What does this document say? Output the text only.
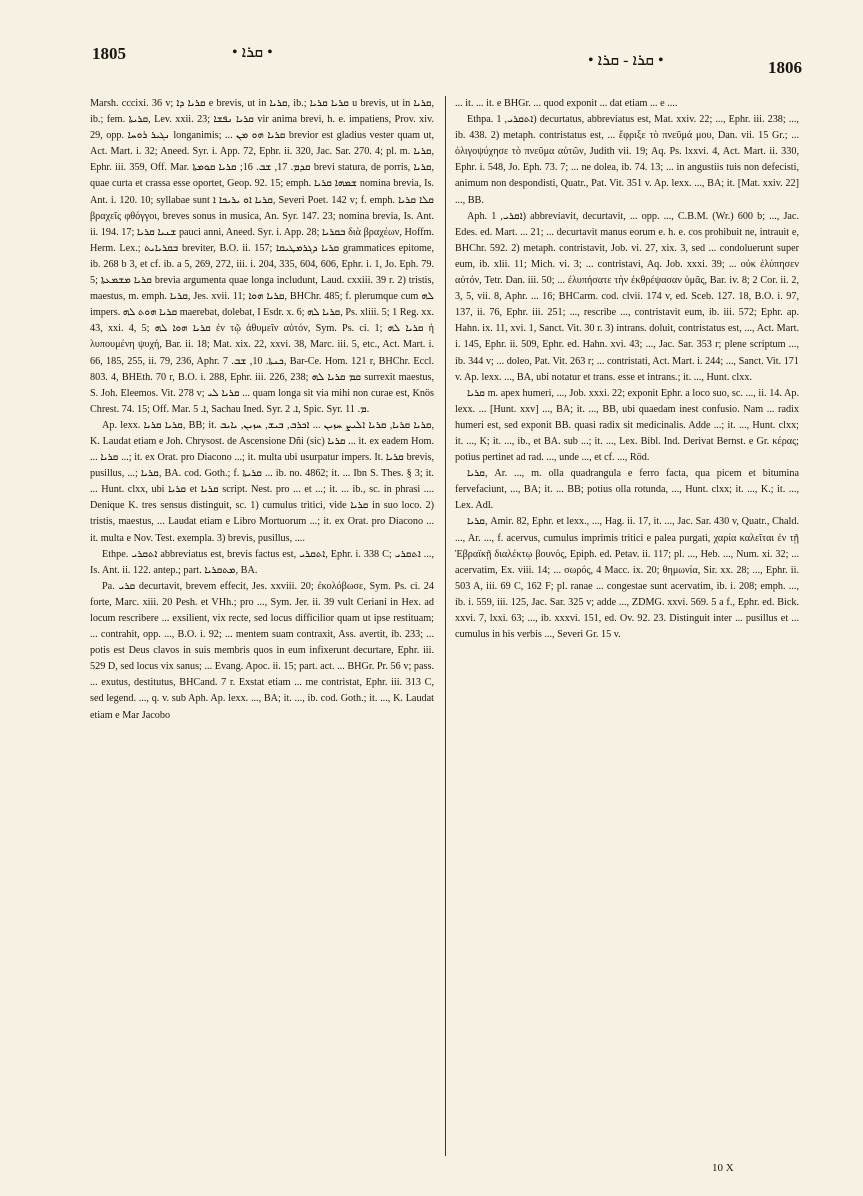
1805	• ܩܪܐ •	• ܩܪܐ - ܩܪܐ •	1806

Marsh. cccixi. 36 v; ܩܪܝܐ ܕܐ e brevis, ut in ܩܪܝܐ, ib.; ܩܪܝܐ ܩܪܝܐ u brevis, ut in ܩܪܝܐ, ib.; fem. ܩܪܝܬܐ, Lev. xxii. 23; ܩܪܝܐ ܢܦܫܐ vir anima brevi, h. e. impatiens, Prov. xiv. 29, opp. ܢܓܝܪ ܪܘܚܐ longanimis; ... ܩܪܝܐ ܗܘ ܡܢ brevior est gladius vester quam ut, Act. Mart. i. 32; Aneed. Syr. i. App. 72, Ephr. ii. 320, Jac. Sar. 270. 4; pl. m. ܩܪܝܐ, Ephr. iii. 359, Off. Mar. ܩܕܡ. 17, ܫܒ. 16; ܩܪܝܐ ܩܘܡܬܐ brevi statura, de porris, ܩܪܝܐ, quae curta et crassa esse oportet, Geop. 92. 15; emph. ܫܡܗܐ ܩܪܝܐ nomina brevia, Is. Ant. i. 120. 10; syllabae sunt ܩܪܝܐ ܐܘ ܝܪܝܟܐ ܐ, Severi Poet. 142 v; f. emph. ܩܠܐ ܩܪܝܐ βραχεῖς φθόγγοι, breves sonus in musica, An. Syr. 147. 23; nomina brevia, Is. Ant. ii. 194. 17; ܫܢܝܐ ܩܪܝܐ pauci anni, Aneed. Syr. i. App. 28; ܒܩܪܝܐ διὰ βραχέων, Hoffm. Herm. Lex.; ܒܩܪܝܐܝܬ breviter, B.O. ii. 157; ܩܪܝܐ ܕܓܪܡܛܝܩܐ grammatices epitome, ib. 268 b 3, et cf. ib. a 5, 269, 272, iii. i. 204, 335, 604, 606, Ephr. i. 1, Jo. Eph. 79. 5; ܩܪܝܐ ܡܫܡܥܬܐ brevia argumenta quae longa includunt, Laud. cxxiii. 39 r. 2) tristis, maestus, m. emph. ܩܪܝܐ, Jes. xvii. 11; ܩܪܝܐ ܗܘܐ, BHChr. 485; f. plerumque cum ܠܗ impers. ܩܪܝܐ ܗܘܬ ܠܗ maerebat, dolebat, I Esdr. x. 6; ܩܪܝܐ ܠܗ, Ps. xliii. 5; 1 Reg. xx. 43, xxi. 4, 5; ܩܪܝܐ ܗܘܐ ܠܗ ἐν τῷ ἀθυμεῖν αὐτόν, Sym. Ps. ci. 1; ܩܪܝܐ ܠܗ ἡ λυπουμένη ψυχή, Bar. ii. 18; Mat. xix. 22, xxvi. 38, Marc. iii. 5, etc., Act. Mart. i. 66, 185, 255, ii. 79, 236, Aphr. ܟܢܬܐ. 10, ܫܒ. 7, Bar-Ce. Hom. 121 r, BHChr. Eccl. 803. 4, BHEth. 70 r, B.O. i. 288, Ephr. iii. 226, 238; ܩܡ ܩܪܝܐ ܠܗ surrexit maestus, S. Joh. Eleemos. Vit. 278 v; ܩܪܝܐ ܠܝ ... quam longa sit via mihi non curae est, Knös Chrest. 74. 15; Off. Mar. ܐ. 5, Sachau Ined. Syr. ܐ. 2, Spic. Syr. ܡ. 11.

Ap. lexx. ܩܪܝܐ ܩܪܝܐ, BB; it. ܩܪܝܐ ܩܪܝܐ, ܩܪܝܐ ܐܠܝܨ ܚܙܝܢ ... ܐܟܪܒ, ܒܝܫ, ܚܙܝܢ, ܝܐܝܒ, K. Laudat etiam e Joh. Chrysost. de Ascensione Dñi (sic) ܩܪܝܐ ... it. ex eadem Hom. ... ܩܪܝܐ ...; it. ex Orat. pro Diacono ...; it. multa ubi usurpatur impers. It. ܩܪܝܐ brevis, pusillus, ...; ܩܪܝܐ, BA. cod. Goth.; f. ܩܪܝܬܐ ... ib. no. 4862; it. ... Ibn S. Thes. § 3; it. ... Hunt. clxx, ubi ܩܪܝܐ et ܩܪܝܐ script. Nest. pro ... et ...; it. ... ib., sc. in phrasi .... Denique K. tres sensus distinguit, sc. 1) cumulus tritici, vide ܩܪܝܐ in suo loco. 2) tristis, maestus, ... Laudat etiam e Libro Mortuorum ...; it. ex Orat. pro Diacono ... it. multa e Nov. Test. exempla. 3) brevis, pusillus, ....

Ethpe. ܐܬܩܪܝ abbreviatus est, brevis factus est, ܐܬܩܪܝ, Ephr. i. 338 C; ܐܬܩܪܝ ..., Is. Ant. ii. 122. antep.; part. ܡܬܩܪܝܐ, BA.

Pa. ܩܪܝ decurtavit, brevem effecit, Jes. xxviii. 20; ἐκολόβωσε, Sym. Ps. ci. 24 forte, Marc. xiii. 20 Pesh. et VHh.; pro ..., Sym. Jer. ii. 39 vult Ceriani in Hex. ad locum rescribere ... exsilient, vix recte, sed locus difficilior quam ut ipse restituam; ... contrahit, opp. ..., B.O. i. 92; ... mentem suam contraxit, Ass. avertit, ib. 233; ... potis est Deus clavos in suis membris quos in eum infixerunt decurtare, Ephr. iii. 529 D, sed locus vix sanus; ... Evang. Apoc. ii. 15; part. act. ... BHGr. Pr. 56 v; pass. ... exutus, destitutus, BHCand. 7 r. Exstat etiam ... me contristat, Ephr. iii. 313 C, sed legend. ..., q. v. sub Aph. Ap. lexx. ..., BA; it. ..., ib. cod. Goth.; it. ..., K. Laudat etiam e Mar Jacobo

... it. ... it. e BHGr. ... quod exponit ... dat etiam ... e ....

Ethpa. ܐܬܩܪܝ, 1) decurtatus, abbreviatus est, Mat. xxiv. 22; ..., Ephr. iii. 238; ..., ib. 438. 2) metaph. contristatus est, ... ἔφριξε τὸ πνεῦμά μου, Dan. vii. 15 Gr.; ... ὀλιγοψύχησε τὸ πνεῦμα αὐτῶν, Judith vii. 19; Aq. Ps. lxxvi. 4, Act. Mart. ii. 330, Ephr. i. 548, Jo. Eph. 73. 7; ... ne dolea, ib. 74. 13; ... in angustiis tuis non defecisti, animum non despondisti, Quatr., Pat. Vit. 351 v. Ap. lexx. ..., BA; it. [Mat. xxiv. 22] ..., BB.

Aph. ܐܩܪܝ, 1) abbreviavit, decurtavit, ... opp. ..., C.B.M. (Wr.) 600 b; ..., Jac. Edes. ed. Mart. ... 21; ... decurtavit manus eorum e. h. e. cos prohibuit ne, intrauit e, BHChr. 592. 2) metaph. contristavit, Job. vi. 27, xix. 3, sed ... condoluerunt super eum, ib. xlii. 11; Mich. vi. 3; ... contristavi, Aq. Job. xxxi. 39; ... οὐκ ἐλύπησεν αὐτόν, Tetr. Dan. iii. 50; ... ἐλυπήσατε τὴν ἐκθρέψασαν ὑμᾶς, Bar. iv. 8; 2 Cor. ii. 2, 3, 5, vii. 8, Aphr. ... 16; BHCarm. cod. clvii. 174 v, ed. Sceb. 127. 18, B.O. i. 97, 137, ii. 76, Ephr. iii. 251; ..., rescribe ..., contristavit eum, ib. iii. 572; Ephr. ap. Hahn. ix. 11, xvi. 1, Sanct. Vit. 30 r. 3) intrans. doluit, contristatus est, ..., Act. Mart. i. 145, Ephr. ii. 509, Ephr. ed. Hahn. xvi. 43; ..., Jac. Sar. 353 r; plene scriptum ..., ib. 344 v; ... doleo, Pat. Vit. 263 r; ... contristati, Act. Mart. i. 244; ..., Sanct. Vit. 171 v. Ap. lexx. ..., BA, ubi notatur et trans. esse et intrans.; it. ..., Hunt. clxx.

ܩܪܝܐ m. apex humeri, ..., Job. xxxi. 22; exponit Ephr. a loco suo, sc. ..., ii. 14. Ap. lexx. ... [Hunt. xxv] ..., BA; it. ..., BB, ubi quaedam inest confusio. Nam ... radix humeri est, sed exponit BB. quasi radix sit medicinalis. Adde ...; it. ..., Hunt. clxx; it. ..., K; it. ..., ib., et BA. sub ...; it. ..., Lex. Bibl. Ind. Derivat Bernst. e Gr. κέρας; potius pertinet ad rad. ..., unde ..., et cf. ..., Röd.

ܩܪܝܐ, Ar. ..., m. olla quadrangula e ferro facta, qua picem et bitumina fervefaciunt, ..., BA; it. ... BB; potius olla rotunda, ..., Hunt. clxx; it. ..., K.; it. ..., Lex. Adl.

ܩܪܝܐ, Amir. 82, Ephr. et lexx., ..., Hag. ii. 17, it. ..., Jac. Sar. 430 v, Quatr., Chald. ..., Ar. ..., f. acervus, cumulus imprimis tritici e palea purgati, χαρία καλεῖται ἐν τῇ Ἑβραϊκῇ διαλέκτῳ βουνός, Epiph. ed. Petav. ii. 117; pl. ..., Heb. ..., Num. xi. 32; ... acervatim, Ex. viii. 14; ... σωρός, 4 Macc. ix. 20; θημωνία, Sir. xx. 28; ..., Ephr. ii. 503 A, iii. 69 C, 162 F; pl. ranae ... congestae sunt acervatim, ib. i. 208; emph. ..., ib. i. 559, iii. 125, Jac. Sar. 325 v; adde ..., ZDMG. xxvi. 569. 5 a f., Ephr. ed. Bick. xxvi. 7, lxxi. 63; ..., ib. xxxvi. 151, ed. Ov. 92. 23. Distinguit inter ... pusillus et ... cumulus in his verbis ..., Severi Gr. 15 v.

10 X
